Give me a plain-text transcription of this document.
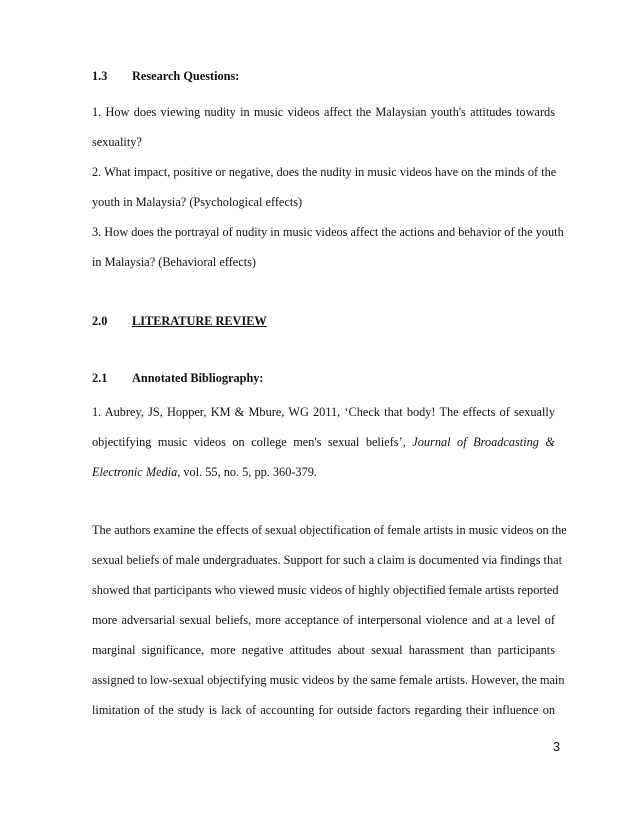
1.3 Research Questions:
1. How does viewing nudity in music videos affect the Malaysian youth's attitudes towards
sexuality?
2. What impact, positive or negative, does the nudity in music videos have on the minds of the
youth in Malaysia? (Psychological effects)
3. How does the portrayal of nudity in music videos affect the actions and behavior of the youth
in Malaysia? (Behavioral effects)
2.0 LITERATURE REVIEW
2.1 Annotated Bibliography:
1. Aubrey, JS, Hopper, KM & Mbure, WG 2011, ‘Check that body! The effects of sexually
objectifying music videos on college men's sexual beliefs’, Journal of Broadcasting &
Electronic Media, vol. 55, no. 5, pp. 360-379.
The authors examine the effects of sexual objectification of female artists in music videos on the
sexual beliefs of male undergraduates. Support for such a claim is documented via findings that
showed that participants who viewed music videos of highly objectified female artists reported
more adversarial sexual beliefs, more acceptance of interpersonal violence and at a level of
marginal significance, more negative attitudes about sexual harassment than participants
assigned to low-sexual objectifying music videos by the same female artists. However, the main
limitation of the study is lack of accounting for outside factors regarding their influence on
3
